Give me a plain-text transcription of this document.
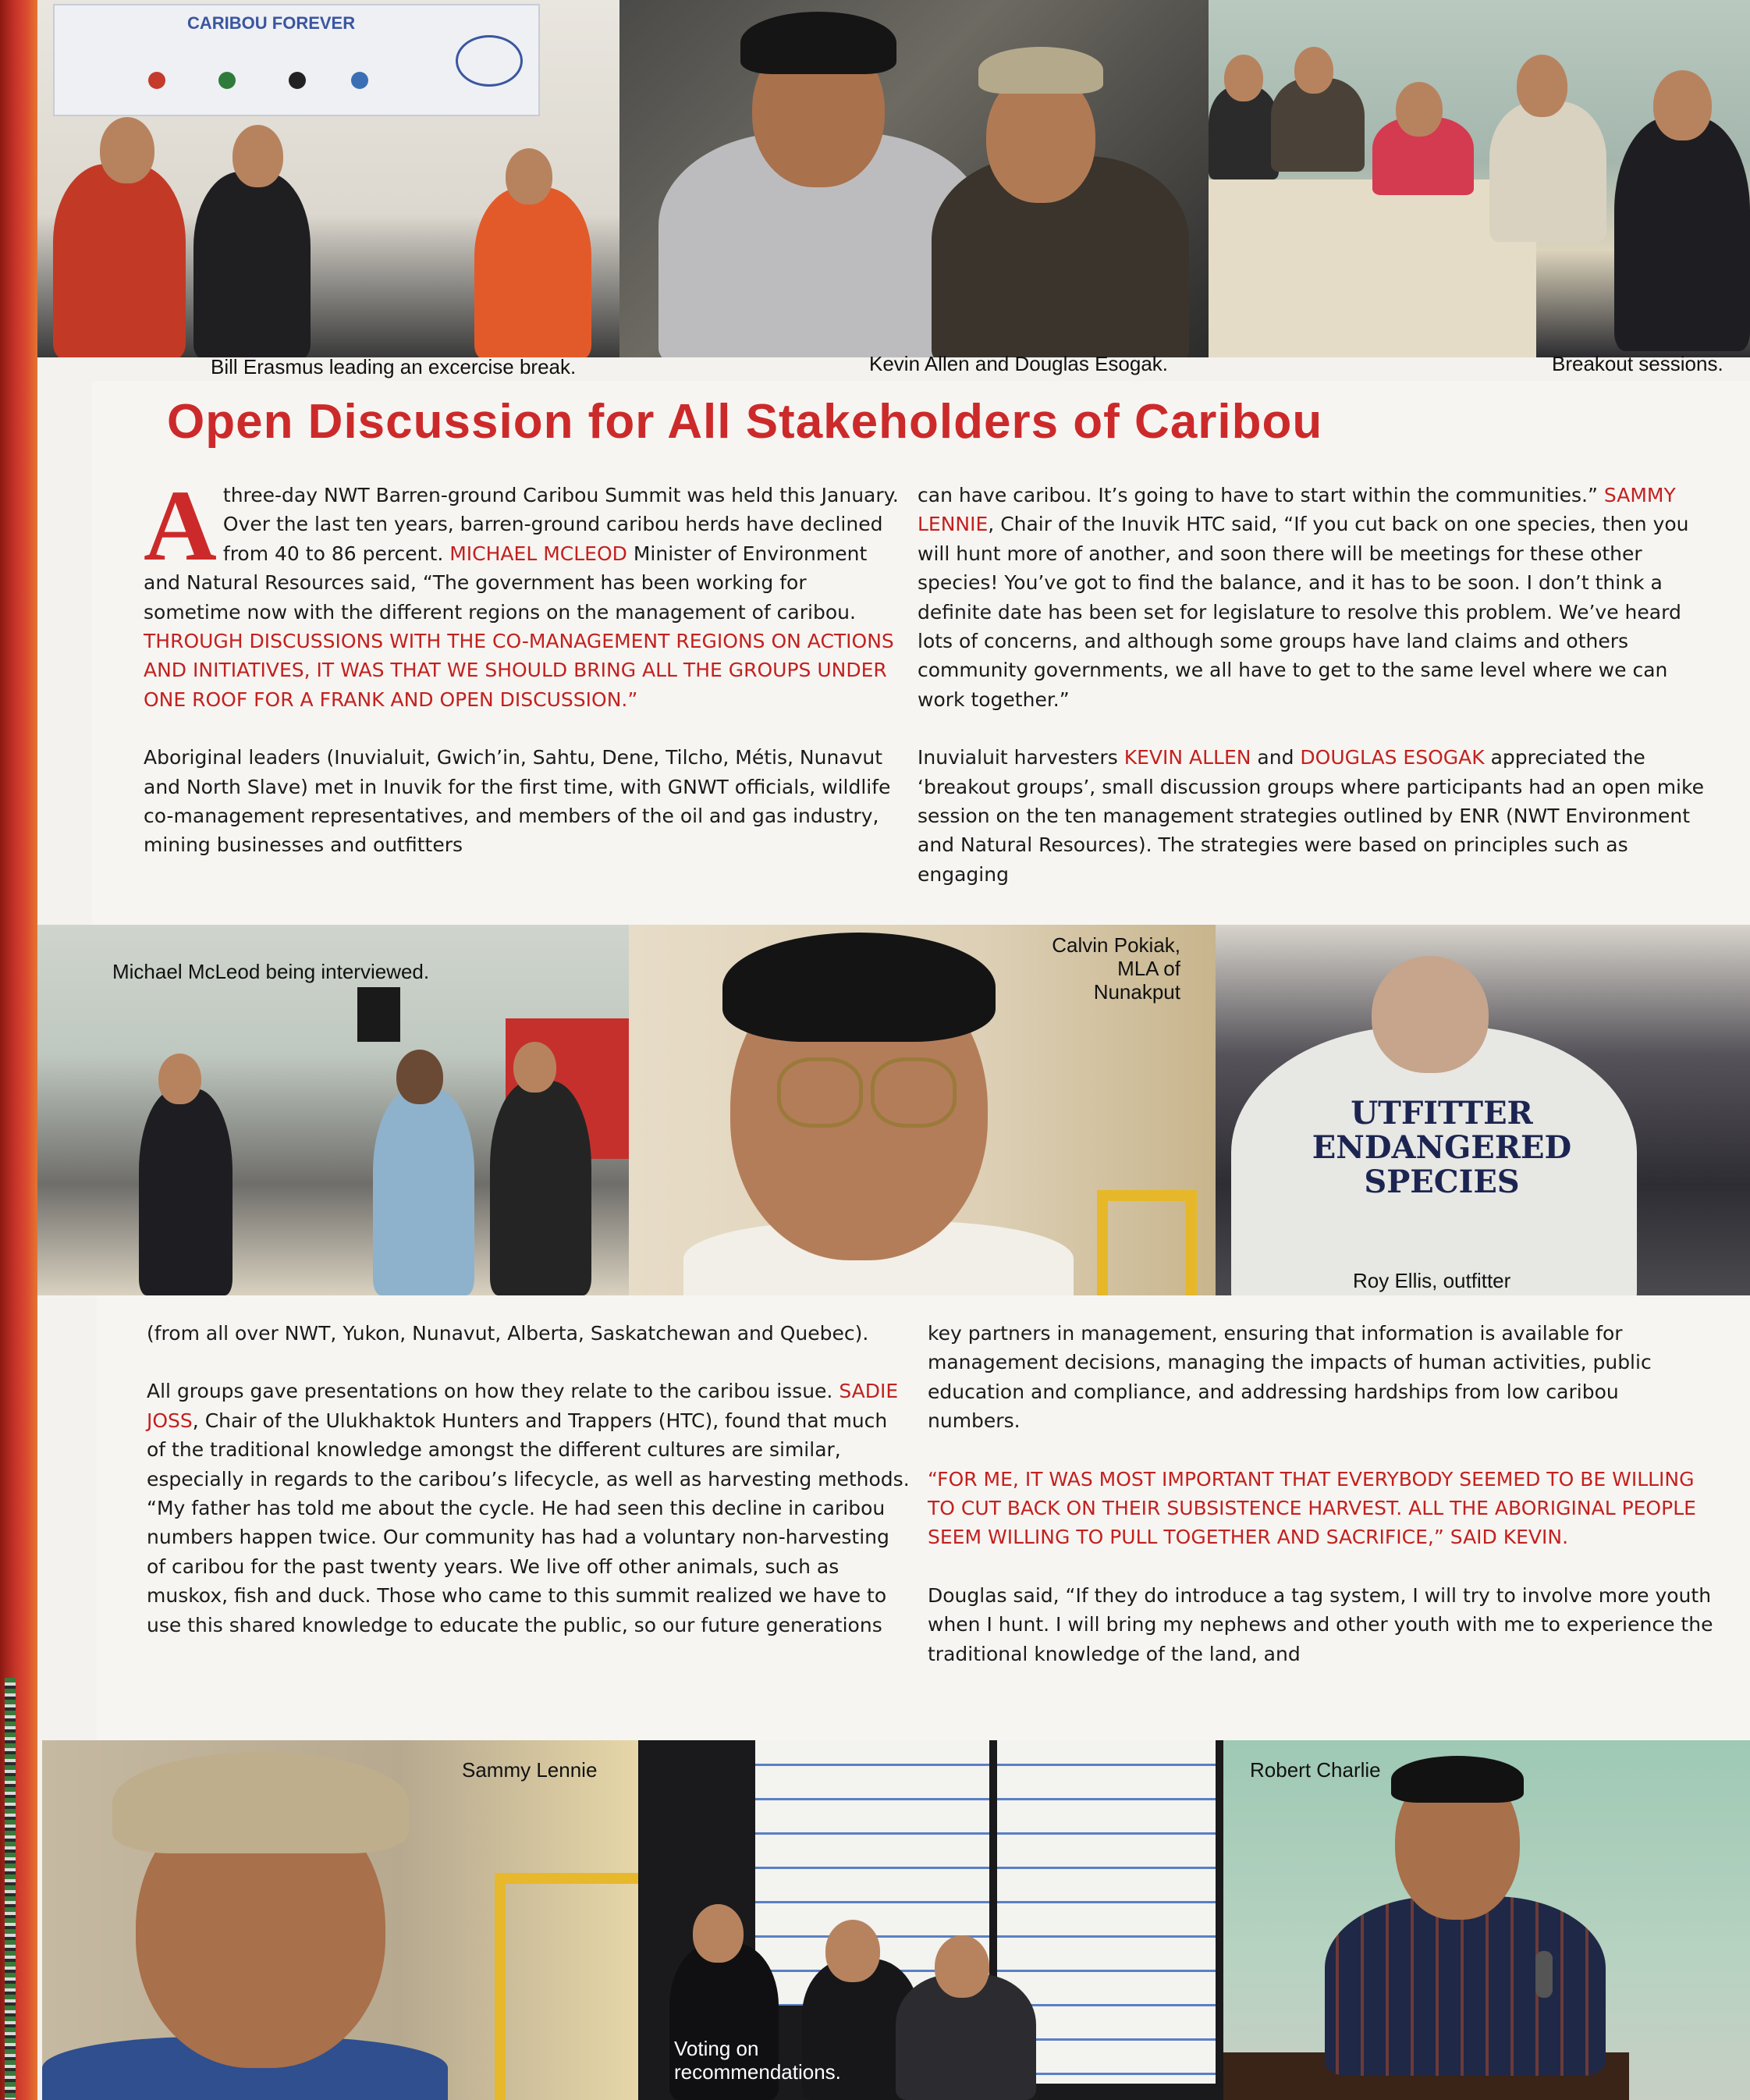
CARIBOU FOREVER
Bill Erasmus leading an excercise break.	Kevin Allen and Douglas Esogak.	Breakout sessions.
Open Discussion for All Stakeholders of Caribou

Athree-day NWT Barren-ground Caribou Summit was held this January. Over the last ten years, barren-ground caribou herds have declined from 40 to 86 percent. MICHAEL MCLEOD Minister of Environment and Natural Resources said, “The government has been working for sometime now with the different regions on the management of caribou. THROUGH DISCUSSIONS WITH THE CO-MANAGEMENT REGIONS ON ACTIONS AND INITIATIVES, IT WAS THAT WE SHOULD BRING ALL THE GROUPS UNDER ONE ROOF FOR A FRANK AND OPEN DISCUSSION.”

Aboriginal leaders (Inuvialuit, Gwich’in, Sahtu, Dene, Tilcho, Métis, Nunavut and North Slave) met in Inuvik for the first time, with GNWT officials, wildlife co-management representatives, and members of the oil and gas industry, mining businesses and outfitters

can have caribou. It’s going to have to start within the communities.” SAMMY LENNIE, Chair of the Inuvik HTC said, “If you cut back on one species, then you will hunt more of another, and soon there will be meetings for these other species! You’ve got to find the balance, and it has to be soon. I don’t think a definite date has been set for legislature to resolve this problem. We’ve heard lots of concerns, and although some groups have land claims and others community governments, we all have to get to the same level where we can work together.”

Inuvialuit harvesters KEVIN ALLEN and DOUGLAS ESOGAK appreciated the ‘breakout groups’, small discussion groups where participants had an open mike session on the ten management strategies outlined by ENR (NWT Environment and Natural Resources). The strategies were based on principles such as engaging

Michael McLeod being interviewed.
Calvin Pokiak,
MLA of Nunakput
UTFITTER
ENDANGERED
SPECIES
Roy Ellis, outfitter

(from all over NWT, Yukon, Nunavut, Alberta, Saskatchewan and Quebec).

All groups gave presentations on how they relate to the caribou issue. SADIE JOSS, Chair of the Ulukhaktok Hunters and Trappers (HTC), found that much of the traditional knowledge amongst the different cultures are similar, especially in regards to the caribou’s lifecycle, as well as harvesting methods. “My father has told me about the cycle. He had seen this decline in caribou numbers happen twice. Our community has had a voluntary non-harvesting of caribou for the past twenty years. We live off other animals, such as muskox, fish and duck. Those who came to this summit realized we have to use this shared knowledge to educate the public, so our future generations

key partners in management, ensuring that information is available for management decisions, managing the impacts of human activities, public education and compliance, and addressing hardships from low caribou numbers.

“FOR ME, IT WAS MOST IMPORTANT THAT EVERYBODY SEEMED TO BE WILLING TO CUT BACK ON THEIR SUBSISTENCE HARVEST. ALL THE ABORIGINAL PEOPLE SEEM WILLING TO PULL TOGETHER AND SACRIFICE,” SAID KEVIN.

Douglas said, “If they do introduce a tag system, I will try to involve more youth when I hunt. I will bring my nephews and other youth with me to experience the traditional knowledge of the land, and

Sammy Lennie
Voting on
recommendations.
Robert Charlie
